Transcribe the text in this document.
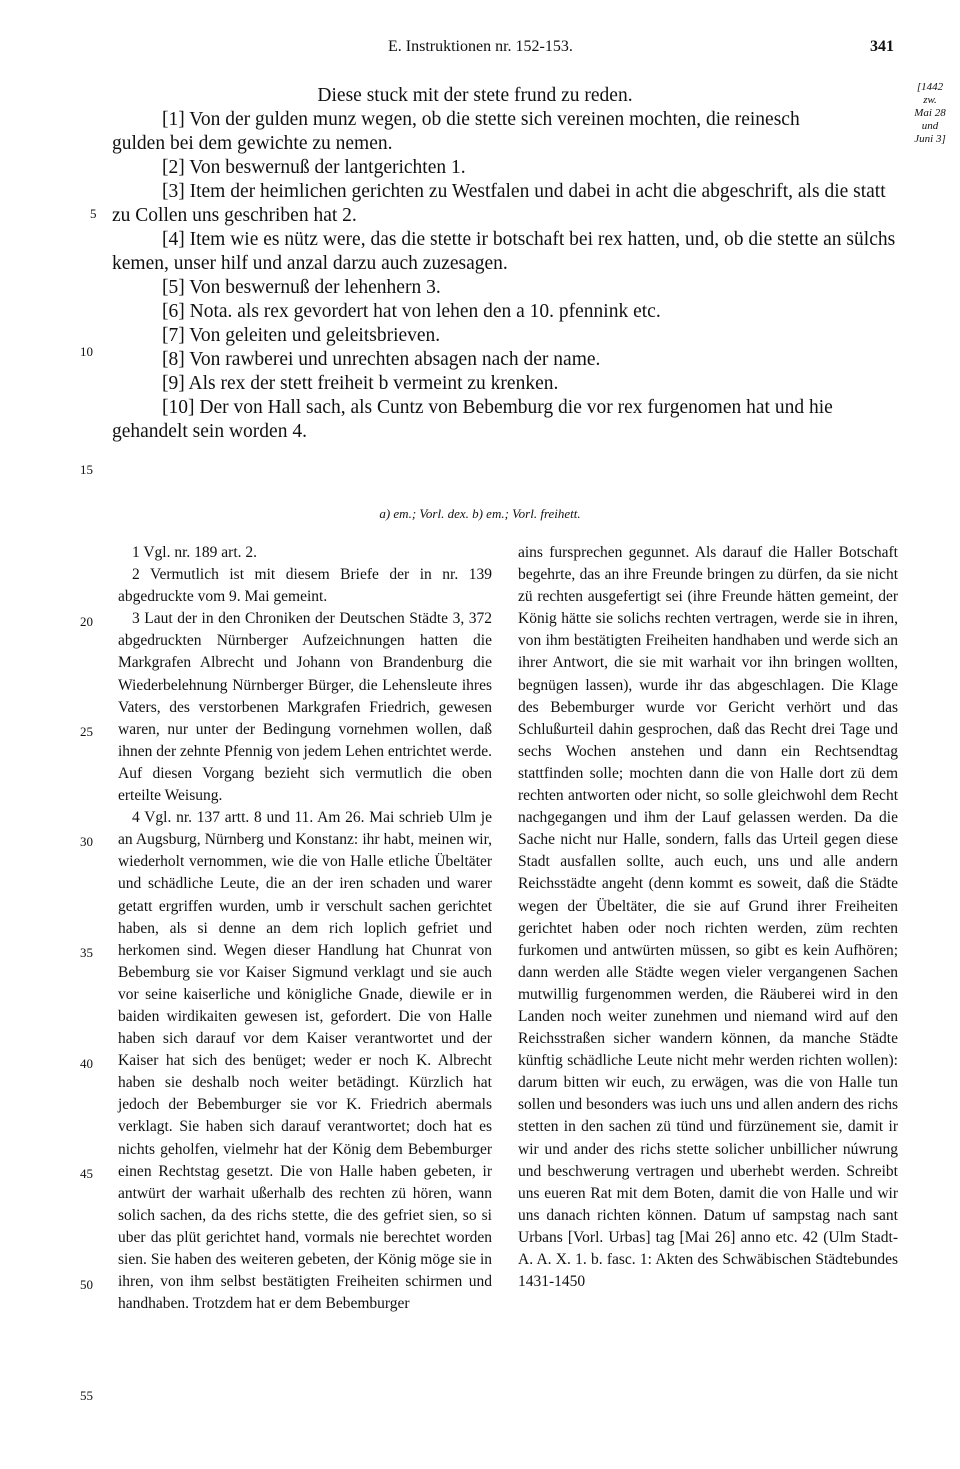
E. Instruktionen nr. 152-153.	341
[1442
zw.
Mai 28
und
Juni 3]

Diese stuck mit der stete frund zu reden.

[1] Von der gulden munz wegen, ob die stette sich vereinen mochten, die reinesch gulden bei dem gewichte zu nemen.

[2] Von beswernuß der lantgerichten 1.

[3] Item der heimlichen gerichten zu Westfalen und dabei in acht die abgeschrift, als die statt zu Collen uns geschriben hat 2.

[4] Item wie es nütz were, das die stette ir botschaft bei rex hatten, und, ob die stette an sülchs kemen, unser hilf und anzal darzu auch zuzesagen.

[5] Von beswernuß der lehenhern 3.

[6] Nota. als rex gevordert hat von lehen den a 10. pfennink etc.

[7] Von geleiten und geleitsbrieven.

[8] Von rawberei und unrechten absagen nach der name.

[9] Als rex der stett freiheit b vermeint zu krenken.

[10] Der von Hall sach, als Cuntz von Bebemburg die vor rex furgenomen hat und hie gehandelt sein worden 4.

5
10
15
a) em.; Vorl. dex. b) em.; Vorl. freihett.

1 Vgl. nr. 189 art. 2.

2 Vermutlich ist mit diesem Briefe der in nr. 139 abgedruckte vom 9. Mai gemeint.

3 Laut der in den Chroniken der Deutschen Städte 3, 372 abgedruckten Nürnberger Aufzeichnungen hatten die Markgrafen Albrecht und Johann von Brandenburg die Wiederbelehnung Nürnberger Bürger, die Lehensleute ihres Vaters, des verstorbenen Markgrafen Friedrich, gewesen waren, nur unter der Bedingung vornehmen wollen, daß ihnen der zehnte Pfennig von jedem Lehen entrichtet werde. Auf diesen Vorgang bezieht sich vermutlich die oben erteilte Weisung.

4 Vgl. nr. 137 artt. 8 und 11. Am 26. Mai schrieb Ulm je an Augsburg, Nürnberg und Konstanz: ihr habt, meinen wir, wiederholt vernommen, wie die von Halle etliche Übeltäter und schädliche Leute, die an der iren schaden und warer getatt ergriffen wurden, umb ir verschult sachen gerichtet haben, als si denne an dem rich loplich gefriet und herkomen sind. Wegen dieser Handlung hat Chunrat von Bebemburg sie vor Kaiser Sigmund verklagt und sie auch vor seine kaiserliche und königliche Gnade, diewile er in baiden wirdikaiten gewesen ist, gefordert. Die von Halle haben sich darauf vor dem Kaiser verantwortet und der Kaiser hat sich des benüget; weder er noch K. Albrecht haben sie deshalb noch weiter betädingt. Kürzlich hat jedoch der Bebemburger sie vor K. Friedrich abermals verklagt. Sie haben sich darauf verantwortet; doch hat es nichts geholfen, vielmehr hat der König dem Bebemburger einen Rechtstag gesetzt. Die von Halle haben gebeten, ir antwürt der warhait ußerhalb des rechten zü hören, wann solich sachen, da des richs stette, die des gefriet sien, so si uber das plüt gerichtet hand, vormals nie berechtet worden sien. Sie haben des weiteren gebeten, der König möge sie in ihren, von ihm selbst bestätigten Freiheiten schirmen und handhaben. Trotzdem hat er dem Bebemburger

ains fursprechen gegunnet. Als darauf die Haller Botschaft begehrte, das an ihre Freunde bringen zu dürfen, da sie nicht zü rechten ausgefertigt sei (ihre Freunde hätten gemeint, der König hätte sie solichs rechten vertragen, werde sie in ihren, von ihm bestätigten Freiheiten handhaben und werde sich an ihrer Antwort, die sie mit warhait vor ihn bringen wollten, begnügen lassen), wurde ihr das abgeschlagen. Die Klage des Bebemburger wurde vor Gericht verhört und das Schlußurteil dahin gesprochen, daß das Recht drei Tage und sechs Wochen anstehen und dann ein Rechtsendtag stattfinden solle; mochten dann die von Halle dort zü dem rechten antworten oder nicht, so solle gleichwohl dem Recht nachgegangen und ihm der Lauf gelassen werden. Da die Sache nicht nur Halle, sondern, falls das Urteil gegen diese Stadt ausfallen sollte, auch euch, uns und alle andern Reichsstädte angeht (denn kommt es soweit, daß die Städte wegen der Übeltäter, die sie auf Grund ihrer Freiheiten gerichtet haben oder noch richten werden, züm rechten furkomen und antwürten müssen, so gibt es kein Aufhören; dann werden alle Städte wegen vieler vergangenen Sachen mutwillig furgenommen werden, die Räuberei wird in den Landen noch weiter zunehmen und niemand wird auf den Reichsstraßen sicher wandern können, da manche Städte künftig schädliche Leute nicht mehr werden richten wollen): darum bitten wir euch, zu erwägen, was die von Halle tun sollen und besonders was iuch uns und allen andern des richs stetten in den sachen zü tünd und fürzünement sie, damit ir wir und ander des richs stette solicher unbillicher núwrung und beschwerung vertragen und uberhebt werden. Schreibt uns eueren Rat mit dem Boten, damit die von Halle und wir uns danach richten können. Datum uf sampstag nach sant Urbans [Vorl. Urbas] tag [Mai 26] anno etc. 42 (Ulm Stadt-A. A. X. 1. b. fasc. 1: Akten des Schwäbischen Städtebundes 1431-1450

20
25
30
35
40
45
50
55
